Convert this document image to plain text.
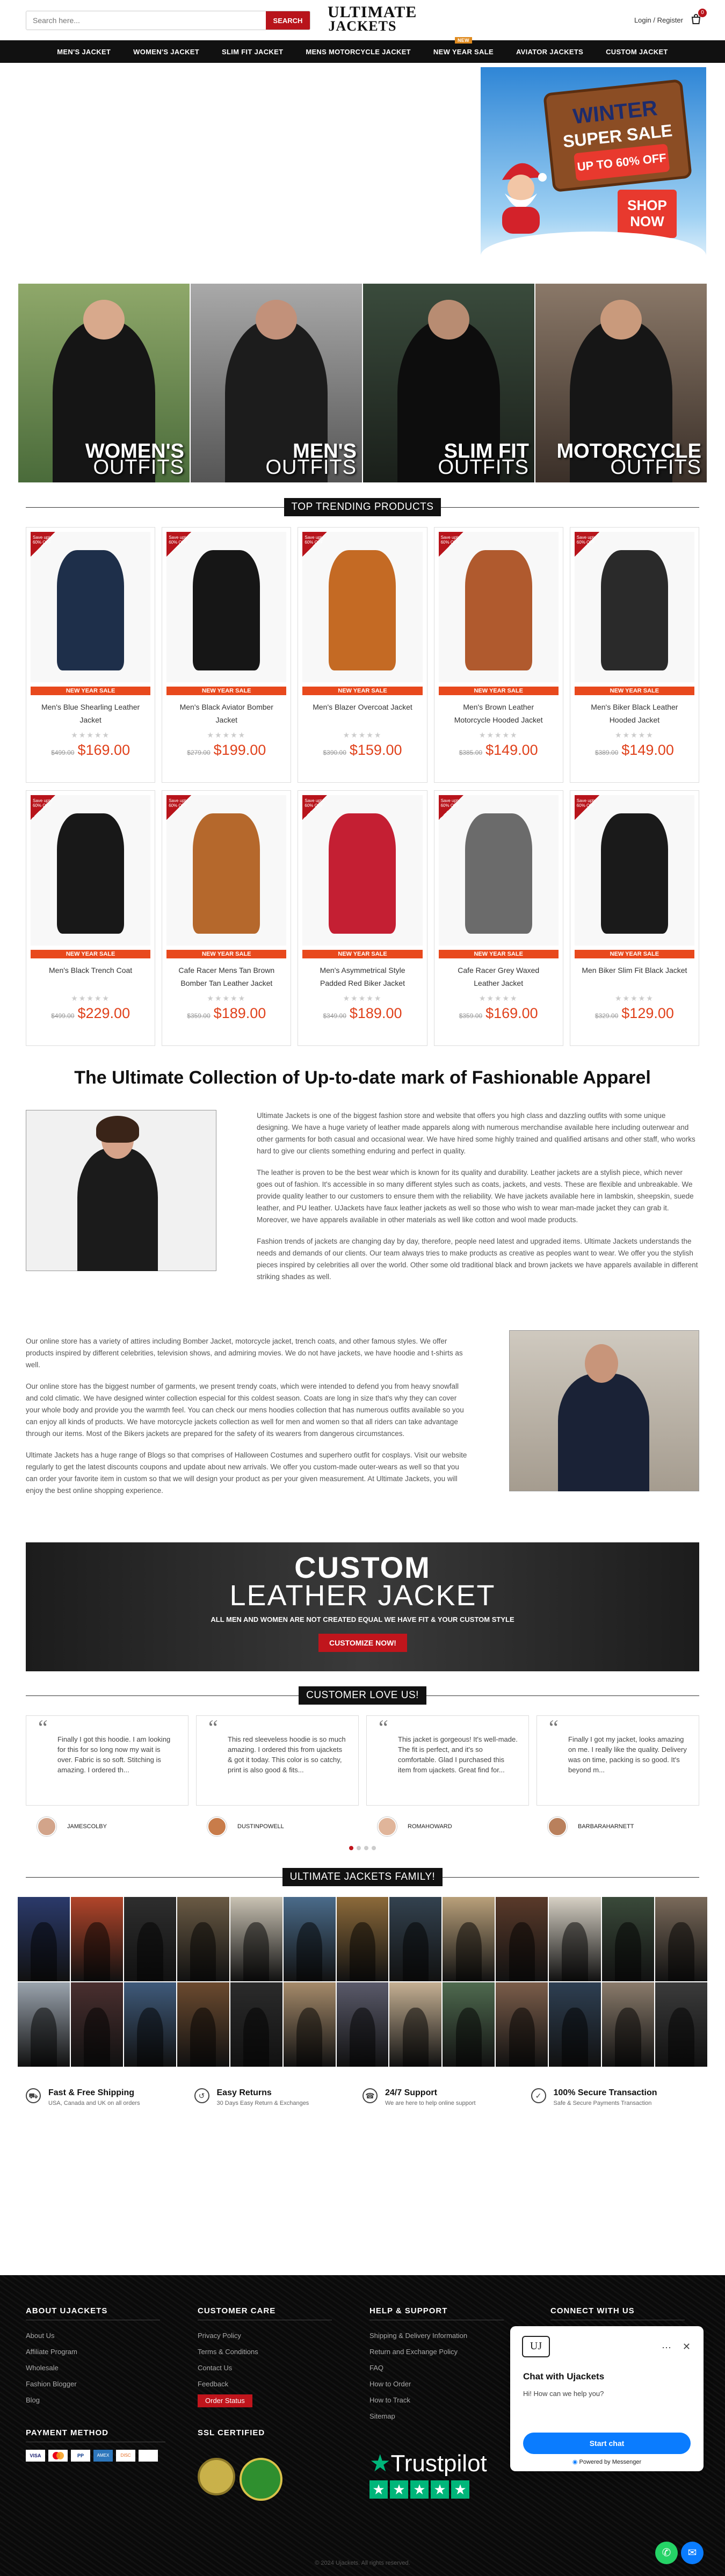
Search here...
SEARCH	ULTIMATE
JACKETS	Login / Register
0
MEN'S JACKET	WOMEN'S JACKET	SLIM FIT JACKET	MENS MOTORCYCLE JACKET
NEW
NEW YEAR SALE	AVIATOR JACKETS	CUSTOM JACKET
WINTER
SUPER SALE
UP TO 60% OFF
SHOP NOW
WOMEN'S
OUTFITS
MEN'S
OUTFITS
SLIM FIT
OUTFITS
MOTORCYCLE
OUTFITS
TOP TRENDING PRODUCTS
Save upto 60% OFF
NEW YEAR SALE
Men's Blue Shearling Leather Jacket
★★★★★
$499.00 $169.00
Save upto 60% OFF
NEW YEAR SALE
Men's Black Aviator Bomber Jacket
★★★★★
$279.00 $199.00
Save upto 60% OFF
NEW YEAR SALE
Men's Blazer Overcoat Jacket
★★★★★
$390.00 $159.00
Save upto 60% OFF
NEW YEAR SALE
Men's Brown Leather Motorcycle Hooded Jacket
★★★★★
$385.00 $149.00
Save upto 60% OFF
NEW YEAR SALE
Men's Biker Black Leather Hooded Jacket
★★★★★
$389.00 $149.00
Save upto 60% OFF
NEW YEAR SALE
Men's Black Trench Coat
★★★★★
$499.00 $229.00
Save upto 60% OFF
NEW YEAR SALE
Cafe Racer Mens Tan Brown Bomber Tan Leather Jacket
★★★★★
$359.00 $189.00
Save upto 60% OFF
NEW YEAR SALE
Men's Asymmetrical Style Padded Red Biker Jacket
★★★★★
$349.00 $189.00
Save upto 60% OFF
NEW YEAR SALE
Cafe Racer Grey Waxed Leather Jacket
★★★★★
$359.00 $169.00
Save upto 60% OFF
NEW YEAR SALE
Men Biker Slim Fit Black Jacket
★★★★★
$329.00 $129.00
The Ultimate Collection of Up-to-date mark of Fashionable Apparel

Ultimate Jackets is one of the biggest fashion store and website that offers you high class and dazzling outfits with some unique designing. We have a huge variety of leather made apparels along with numerous merchandise available here including outerwear and other garments for both casual and occasional wear. We have hired some highly trained and qualified artisans and other staff, who works hard to give our clients something enduring and perfect in quality.

The leather is proven to be the best wear which is known for its quality and durability. Leather jackets are a stylish piece, which never goes out of fashion. It's accessible in so many different styles such as coats, jackets, and vests. These are flexible and unbreakable. We provide quality leather to our customers to ensure them with the reliability. We have jackets available here in lambskin, sheepskin, suede leather, and PU leather. UJackets have faux leather jackets as well so those who wish to wear man-made jacket they can grab it. Moreover, we have apparels available in other materials as well like cotton and wool made products.

Fashion trends of jackets are changing day by day, therefore, people need latest and upgraded items. Ultimate Jackets understands the needs and demands of our clients. Our team always tries to make products as creative as peoples want to wear. We offer you the stylish pieces inspired by celebrities all over the world. Other some old traditional black and brown jackets we have apparels available in different striking shades as well.

Our online store has a variety of attires including Bomber Jacket, motorcycle jacket, trench coats, and other famous styles. We offer products inspired by different celebrities, television shows, and admiring movies. We do not have jackets, we have hoodie and t-shirts as well.

Our online store has the biggest number of garments, we present trendy coats, which were intended to defend you from heavy snowfall and cold climatic. We have designed winter collection especial for this coldest season. Coats are long in size that's why they can cover your whole body and provide you the warmth feel. You can check our mens hoodies collection that has numerous outfits available so you can enjoy all kinds of products. We have motorcycle jackets collection as well for men and women so that all riders can take advantage through our items. Most of the Bikers jackets are prepared for the safety of its wearers from dangerous circumstances.

Ultimate Jackets has a huge range of Blogs so that comprises of Halloween Costumes and superhero outfit for cosplays. Visit our website regularly to get the latest discounts coupons and update about new arrivals. We offer you custom-made outer-wears as well so that you can order your favorite item in custom so that we will design your product as per your given measurement. At Ultimate Jackets, you will enjoy the best online shopping experience.

CUSTOM
LEATHER JACKET
ALL MEN AND WOMEN ARE NOT CREATED EQUAL WE HAVE FIT & YOUR CUSTOM STYLE
CUSTOMIZE NOW!
CUSTOMER LOVE US!
“ Finally I got this hoodie. I am looking for this for so long now my wait is over. Fabric is so soft. Stitching is amazing. I ordered th...
JAMESCOLBY
“ This red sleeveless hoodie is so much amazing. I ordered this from ujackets & got it today. This color is so catchy, print is also good & fits...
DUSTINPOWELL
“ This jacket is gorgeous! It's well-made. The fit is perfect, and it's so comfortable. Glad I purchased this item from ujackets. Great find for...
ROMAHOWARD
“ Finally I got my jacket, looks amazing on me. I really like the quality. Delivery was on time, packing is so good. It's beyond m...
BARBARAHARNETT
ULTIMATE JACKETS FAMILY!
⛟	Fast & Free Shipping
USA, Canada and UK on all orders
↺	Easy Returns
30 Days Easy Return & Exchanges
☎	24/7 Support
We are here to help online support
✓	100% Secure Transaction
Safe & Secure Payments Transaction
ABOUT UJACKETS
About Us
Affiliate Program
Wholesale
Fashion Blogger
Blog
CUSTOMER CARE
Privacy Policy
Terms & Conditions
Contact Us
Feedback
Order Status
HELP & SUPPORT
Shipping & Delivery Information
Return and Exchange Policy
FAQ
How to Order
How to Track
Sitemap
CONNECT WITH US
PAYMENT METHOD
VISA	PP	AMEX	DISC
SSL CERTIFIED
★Trustpilot
★ ★ ★ ★ ★
© 2024 Ujackets. All rights reserved.
UJ	⋯ ✕
Chat with Ujackets
Hi! How can we help you?
Start chat
◉ Powered by Messenger
✆	✉
